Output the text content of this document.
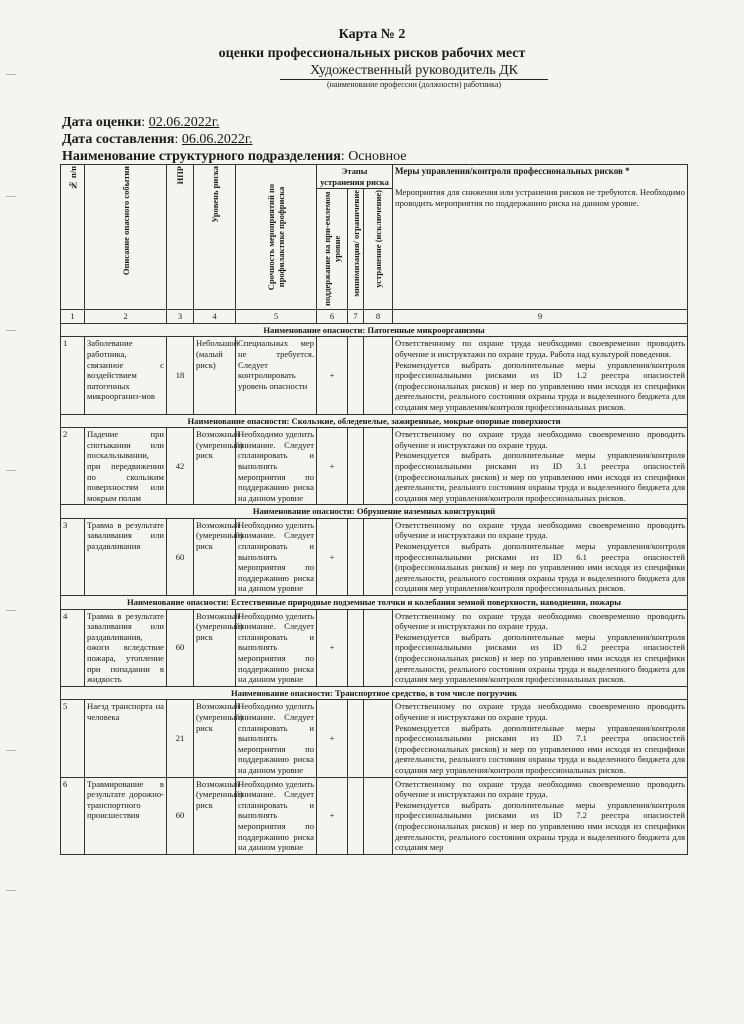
Карта № 2
оценки профессиональных рисков рабочих мест
Художественный руководитель ДК
(наименование профессии (должности) работника)
Дата оценки: 02.06.2022г.
Дата составления: 06.06.2022г.
Наименование структурного подразделения: Основное
№ п/п	Описание опасного события	ИПР	Уровень риска	Срочность мероприятий по профилактике профриска	Этапы устранения риска			Меры управления/контроля профессиональных рисков *
Мероприятия для снижения или устранения рисков не требуются. Необходимо проводить мероприятия по поддержанию риска на данном уровне.

					поддержание на при-емлемом уровне	минимизация/ ограничение	устранение (исключение)	

1	2	3	4	5	6	7	8	9
Наименование опасности: Патогенные микроорганизмы								
1	Заболевание работника, связанное с воздействием патогенных микроорганиз-мов	18	Небольшой (малый риск)	Специальных мер не требуется. Следует контролировать уровень опасности	+			Ответственному по охране труда необходимо своевременно проводить обучение и инструктажи по охране труда. Работа над культурой поведения.

Рекомендуется выбрать дополнительные меры управления/контроля профессиональными рисками из ID 1.2 реестра опасностей (профессиональных рисков) и мер по управлению ими исходя из специфики деятельности, реального состояния охраны труда и выделенного бюджета для создания мер управления/контроля профессиональных рисков.

Наименование опасности: Скользкие, обледенелые, зажиренные, мокрые опорные поверхности								
2	Падение при спотыкании или поскальзывании, при передвижении по скользким поверхностям или мокрым полам	42	Возможный (умеренный) риск	Необходимо уделить внимание. Следует спланировать и выполнять мероприятия по поддержанию риска на данном уровне	+			Ответственному по охране труда необходимо своевременно проводить обучение и инструктажи по охране труда.

Рекомендуется выбрать дополнительные меры управления/контроля профессиональными рисками из ID 3.1 реестра опасностей (профессиональных рисков) и мер по управлению ими исходя из специфики деятельности, реального состояния охраны труда и выделенного бюджета для создания мер управления/контроля профессиональных рисков.

Наименование опасности: Обрушение наземных конструкций								
3	Травма в результате заваливания или раздавливания	60	Возможный (умеренный) риск	Необходимо уделить внимание. Следует спланировать и выполнять мероприятия по поддержанию риска на данном уровне	+			Ответственному по охране труда необходимо своевременно проводить обучение и инструктажи по охране труда.

Рекомендуется выбрать дополнительные меры управления/контроля профессиональными рисками из ID 6.1 реестра опасностей (профессиональных рисков) и мер по управлению ими исходя из специфики деятельности, реального состояния охраны труда и выделенного бюджета для создания мер управления/контроля профессиональных рисков.

Наименование опасности: Естественные природные подземные толчки и колебания земной поверхности, наводнения, пожары								
4	Травма в результате заваливания или раздавливания, ожоги вследствие пожара, утопление при попадании в жидкость	60	Возможный (умеренный) риск	Необходимо уделить внимание. Следует спланировать и выполнять мероприятия по поддержанию риска на данном уровне	+			Ответственному по охране труда необходимо своевременно проводить обучение и инструктажи по охране труда.

Рекомендуется выбрать дополнительные меры управления/контроля профессиональными рисками из ID 6.2 реестра опасностей (профессиональных рисков) и мер по управлению ими исходя из специфики деятельности, реального состояния охраны труда и выделенного бюджета для создания мер управления/контроля профессиональных рисков.

Наименование опасности: Транспортное средство, в том числе погрузчик								
5	Наезд транспорта на человека	21	Возможный (умеренный) риск	Необходимо уделить внимание. Следует спланировать и выполнять мероприятия по поддержанию риска на данном уровне	+			Ответственному по охране труда необходимо своевременно проводить обучение и инструктажи по охране труда.

Рекомендуется выбрать дополнительные меры управления/контроля профессиональными рисками из ID 7.1 реестра опасностей (профессиональных рисков) и мер по управлению ими исходя из специфики деятельности, реального состояния охраны труда и выделенного бюджета для создания мер управления/контроля профессиональных рисков.

6	Травмирование в результате дорожно-транспортного происшествия	60	Возможный (умеренный) риск	Необходимо уделить внимание. Следует спланировать и выполнять мероприятия по поддержанию риска на данном уровне	+			Ответственному по охране труда необходимо своевременно проводить обучение и инструктажи по охране труда.

Рекомендуется выбрать дополнительные меры управления/контроля профессиональными рисками из ID 7.2 реестра опасностей (профессиональных рисков) и мер по управлению ими исходя из специфики деятельности, реального состояния охраны труда и выделенного бюджета для создания мер
